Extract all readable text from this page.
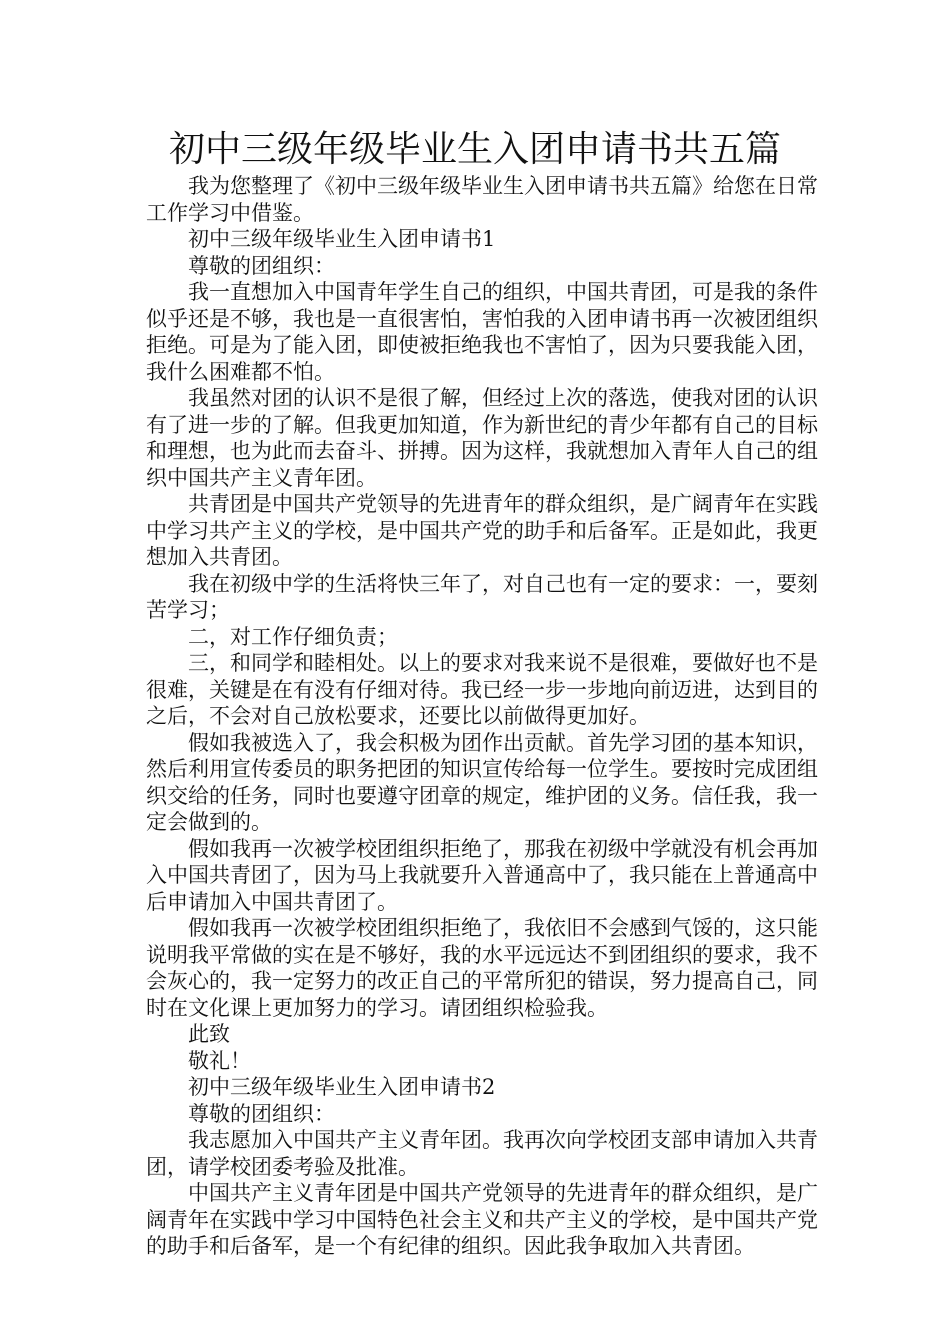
初中三级年级毕业生入团申请书共五篇

我为您整理了《初中三级年级毕业生入团申请书共五篇》给您在日常工作学习中借鉴。

初中三级年级毕业生入团申请书1

尊敬的团组织：

我一直想加入中国青年学生自己的组织，中国共青团，可是我的条件似乎还是不够，我也是一直很害怕，害怕我的入团申请书再一次被团组织拒绝。可是为了能入团，即使被拒绝我也不害怕了，因为只要我能入团，我什么困难都不怕。

我虽然对团的认识不是很了解，但经过上次的落选，使我对团的认识有了进一步的了解。但我更加知道，作为新世纪的青少年都有自己的目标和理想，也为此而去奋斗、拼搏。因为这样，我就想加入青年人自己的组织中国共产主义青年团。

共青团是中国共产党领导的先进青年的群众组织，是广阔青年在实践中学习共产主义的学校，是中国共产党的助手和后备军。正是如此，我更想加入共青团。

我在初级中学的生活将快三年了，对自己也有一定的要求：一，要刻苦学习；

二，对工作仔细负责；

三，和同学和睦相处。以上的要求对我来说不是很难，要做好也不是很难，关键是在有没有仔细对待。我已经一步一步地向前迈进，达到目的之后，不会对自己放松要求，还要比以前做得更加好。

假如我被选入了，我会积极为团作出贡献。首先学习团的基本知识，然后利用宣传委员的职务把团的知识宣传给每一位学生。要按时完成团组织交给的任务，同时也要遵守团章的规定，维护团的义务。信任我，我一定会做到的。

假如我再一次被学校团组织拒绝了，那我在初级中学就没有机会再加入中国共青团了，因为马上我就要升入普通高中了，我只能在上普通高中后申请加入中国共青团了。

假如我再一次被学校团组织拒绝了，我依旧不会感到气馁的，这只能说明我平常做的实在是不够好，我的水平远远达不到团组织的要求，我不会灰心的，我一定努力的改正自己的平常所犯的错误，努力提高自己，同时在文化课上更加努力的学习。请团组织检验我。

此致

敬礼！

初中三级年级毕业生入团申请书2

尊敬的团组织：

我志愿加入中国共产主义青年团。我再次向学校团支部申请加入共青团，请学校团委考验及批准。

中国共产主义青年团是中国共产党领导的先进青年的群众组织，是广阔青年在实践中学习中国特色社会主义和共产主义的学校，是中国共产党的助手和后备军，是一个有纪律的组织。因此我争取加入共青团。
